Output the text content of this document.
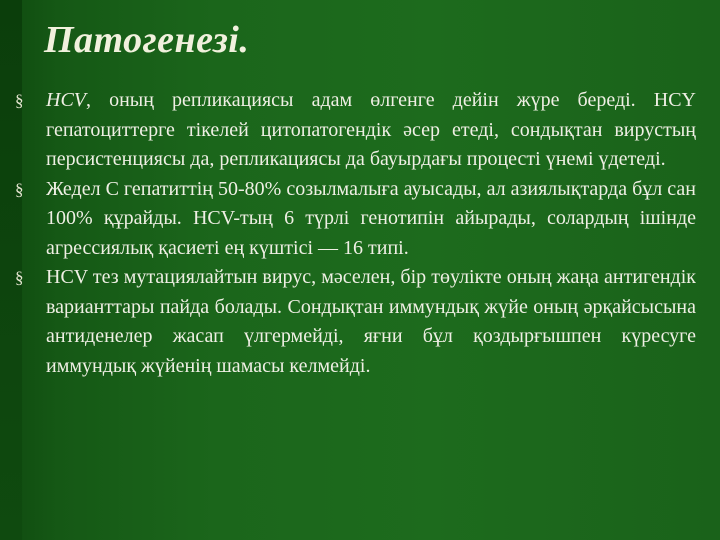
Патогенезі.

§ HCV, оның репликациясы адам өлгенге дейін жүре береді. HCY гепатоциттерге тікелей цитопатогендік әсер етеді, сондықтан вирустың персистенциясы да, репликациясы да бауырдағы процесті үнемі үдетеді.

§ Жедел С гепатиттің 50-80% созылмалыға ауысады, ал азиялықтарда бұл сан 100% құрайды. HCV-тың 6 түрлі генотипін айырады, солардың ішінде агрессиялық қасиеті ең күштісі — 16 типі.

§ HCV тез мутациялайтын вирус, мәселен, бір төулікте оның жаңа антигендік варианттары пайда болады. Сондықтан иммундық жүйе оның әрқайсысына антиденелер жасап үлгермейді, яғни бұл қоздырғышпен күресуге иммундық жүйенің шамасы келмейді.
